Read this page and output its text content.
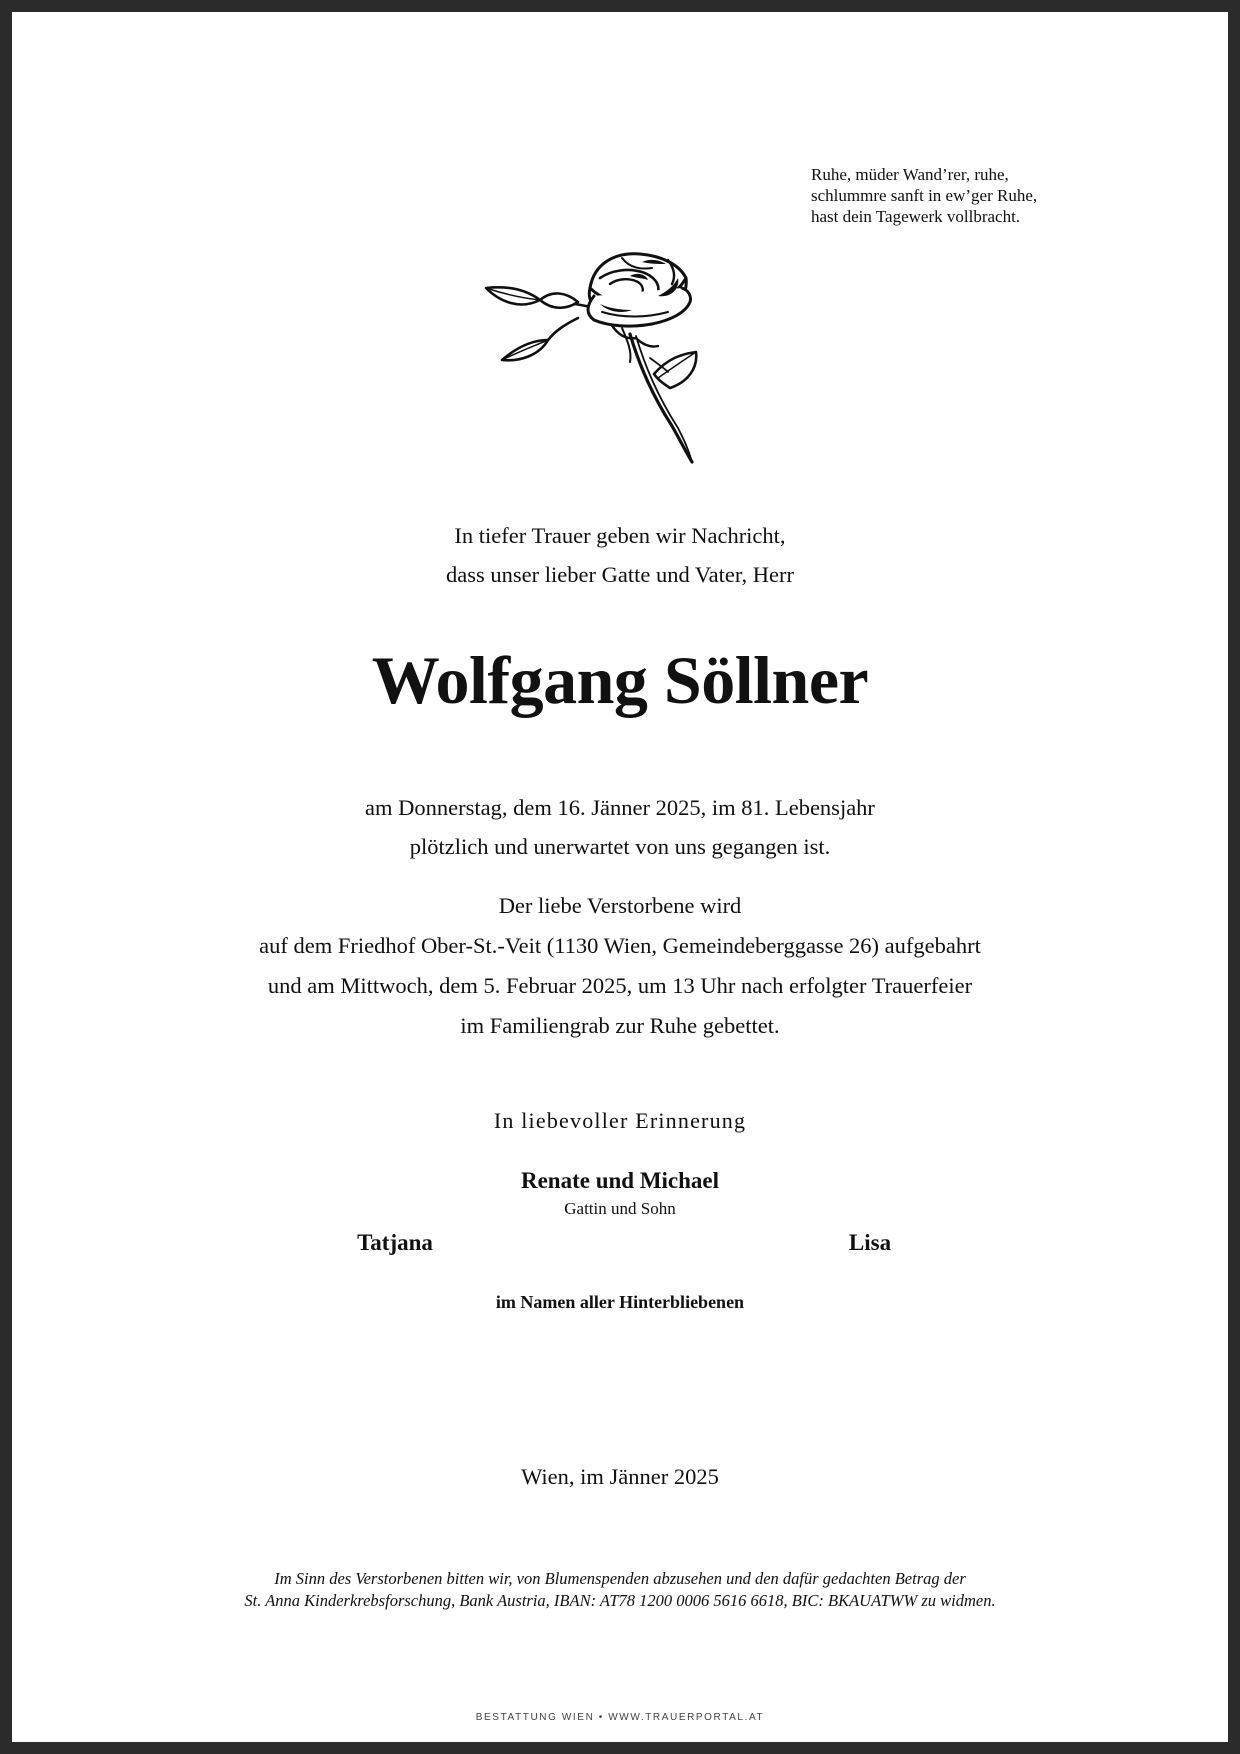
Ruhe, müder Wand’rer, ruhe,
schlummre sanft in ew’ger Ruhe,
hast dein Tagewerk vollbracht.
In tiefer Trauer geben wir Nachricht,
dass unser lieber Gatte und Vater, Herr
Wolfgang Söllner
am Donnerstag, dem 16. Jänner 2025, im 81. Lebensjahr
plötzlich und unerwartet von uns gegangen ist.
Der liebe Verstorbene wird
auf dem Friedhof Ober-St.-Veit (1130 Wien, Gemeindeberggasse 26) aufgebahrt
und am Mittwoch, dem 5. Februar 2025, um 13 Uhr nach erfolgter Trauerfeier
im Familiengrab zur Ruhe gebettet.
In liebevoller Erinnerung
Renate und Michael
Gattin und Sohn
Tatjana	Lisa
im Namen aller Hinterbliebenen
Wien, im Jänner 2025
Im Sinn des Verstorbenen bitten wir, von Blumenspenden abzusehen und den dafür gedachten Betrag der
St. Anna Kinderkrebsforschung, Bank Austria, IBAN: AT78 1200 0006 5616 6618, BIC: BKAUATWW zu widmen.
BESTATTUNG WIEN • WWW.TRAUERPORTAL.AT
